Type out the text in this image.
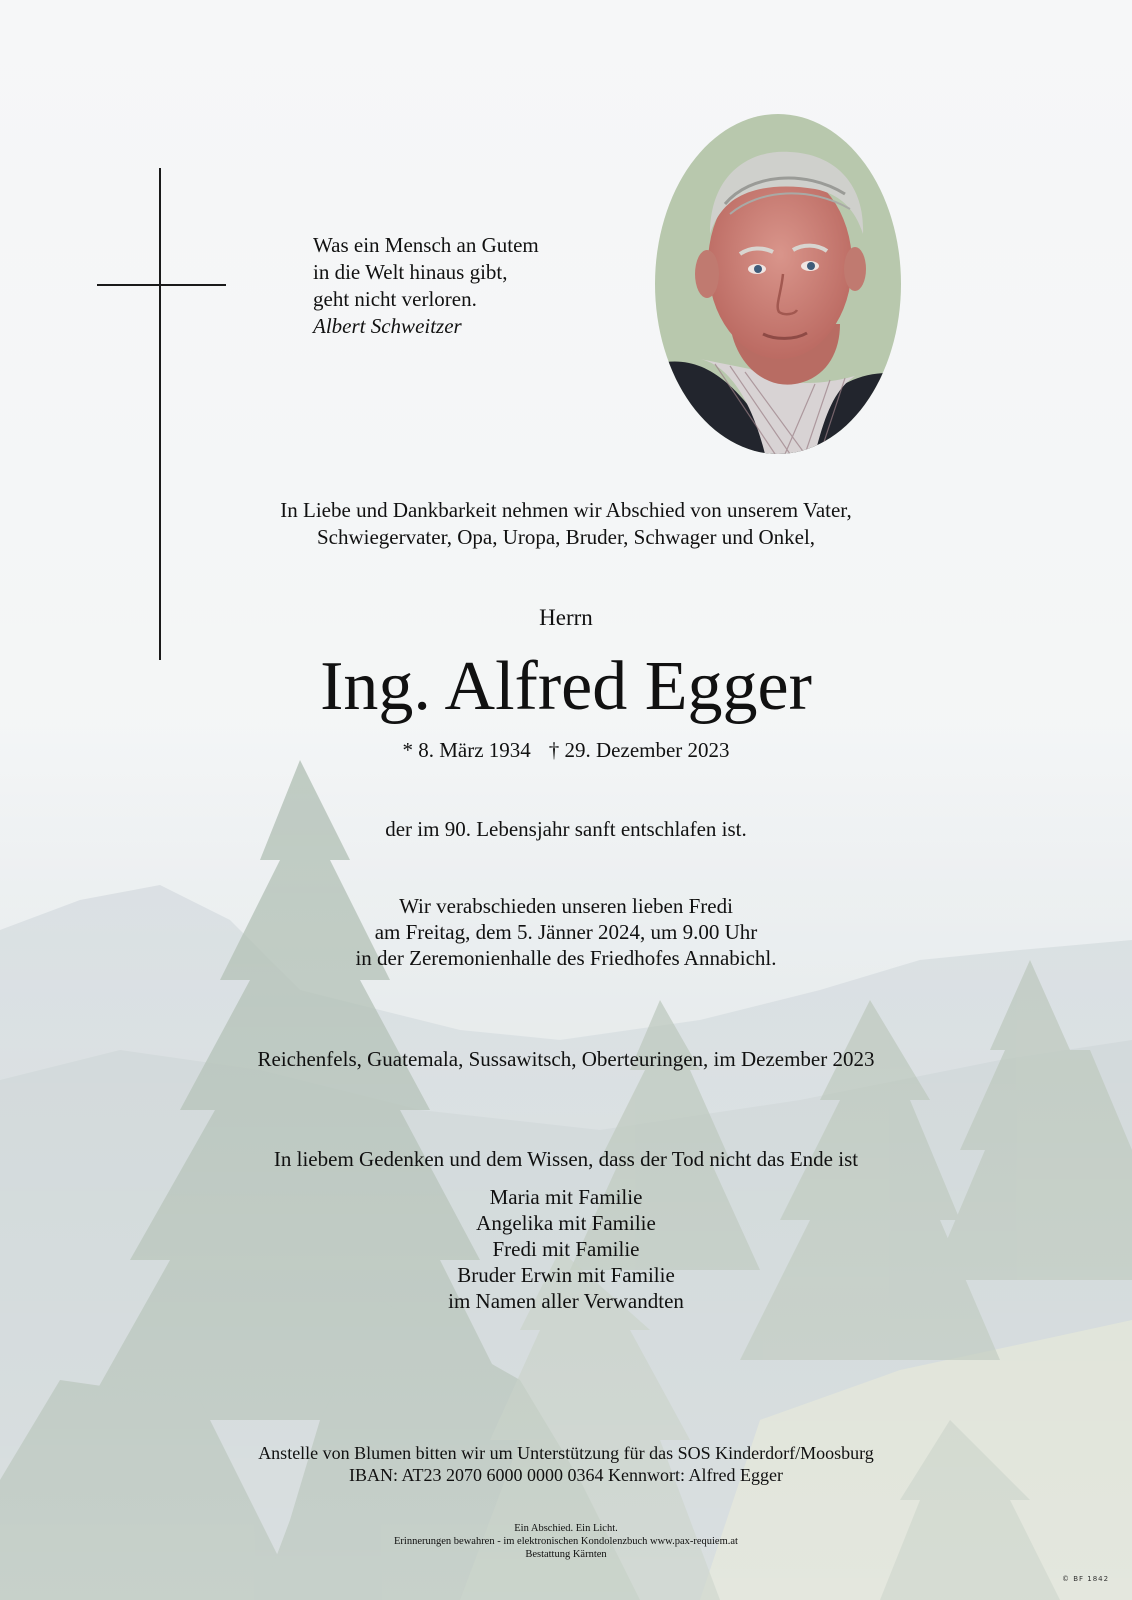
Was ein Mensch an Gutem
in die Welt hinaus gibt,
geht nicht verloren.
Albert Schweitzer
In Liebe und Dankbarkeit nehmen wir Abschied von unserem Vater,
Schwiegervater, Opa, Uropa, Bruder, Schwager und Onkel,
Herrn
Ing. Alfred Egger
* 8. März 1934 † 29. Dezember 2023
der im 90. Lebensjahr sanft entschlafen ist.
Wir verabschieden unseren lieben Fredi
am Freitag, dem 5. Jänner 2024, um 9.00 Uhr
in der Zeremonienhalle des Friedhofes Annabichl.
Reichenfels, Guatemala, Sussawitsch, Oberteuringen, im Dezember 2023
In liebem Gedenken und dem Wissen, dass der Tod nicht das Ende ist
Maria mit Familie
Angelika mit Familie
Fredi mit Familie
Bruder Erwin mit Familie
im Namen aller Verwandten
Anstelle von Blumen bitten wir um Unterstützung für das SOS Kinderdorf/Moosburg
IBAN: AT23 2070 6000 0000 0364 Kennwort: Alfred Egger
Ein Abschied. Ein Licht.
Erinnerungen bewahren - im elektronischen Kondolenzbuch www.pax-requiem.at
Bestattung Kärnten
© BF 1842
